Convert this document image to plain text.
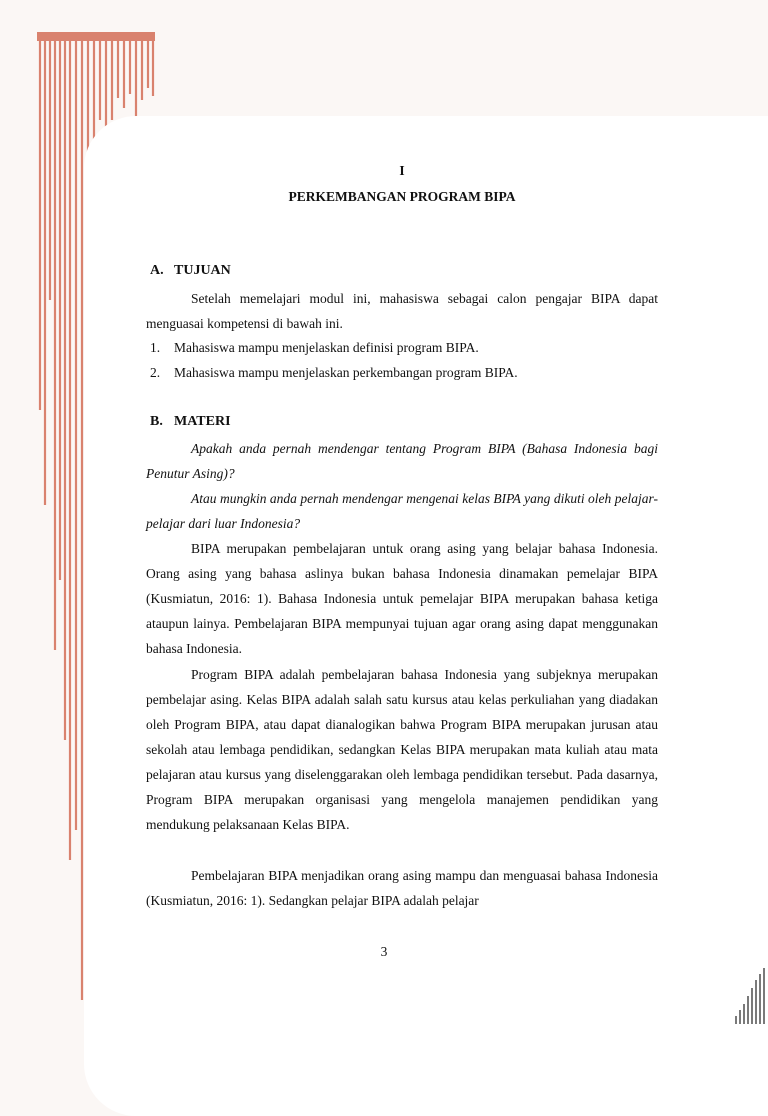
I
PERKEMBANGAN PROGRAM BIPA
A. TUJUAN

Setelah memelajari modul ini, mahasiswa sebagai calon pengajar BIPA dapat menguasai kompetensi di bawah ini.

1. Mahasiswa mampu menjelaskan definisi program BIPA.
2. Mahasiswa mampu menjelaskan perkembangan program BIPA.
B. MATERI

Apakah anda pernah mendengar tentang Program BIPA (Bahasa Indonesia bagi Penutur Asing)?

Atau mungkin anda pernah mendengar mengenai kelas BIPA yang dikuti oleh pelajar-pelajar dari luar Indonesia?

BIPA merupakan pembelajaran untuk orang asing yang belajar bahasa Indonesia. Orang asing yang bahasa aslinya bukan bahasa Indonesia dinamakan pemelajar BIPA (Kusmiatun, 2016: 1). Bahasa Indonesia untuk pemelajar BIPA merupakan bahasa ketiga ataupun lainya. Pembelajaran BIPA mempunyai tujuan agar orang asing dapat menggunakan bahasa Indonesia.

Program BIPA adalah pembelajaran bahasa Indonesia yang subjeknya merupakan pembelajar asing. Kelas BIPA adalah salah satu kursus atau kelas perkuliahan yang diadakan oleh Program BIPA, atau dapat dianalogikan bahwa Program BIPA merupakan jurusan atau sekolah atau lembaga pendidikan, sedangkan Kelas BIPA merupakan mata kuliah atau mata pelajaran atau kursus yang diselenggarakan oleh lembaga pendidikan tersebut. Pada dasarnya, Program BIPA merupakan organisasi yang mengelola manajemen pendidikan yang mendukung pelaksanaan Kelas BIPA.

Pembelajaran BIPA menjadikan orang asing mampu dan menguasai bahasa Indonesia (Kusmiatun, 2016: 1). Sedangkan pelajar BIPA adalah pelajar

3
